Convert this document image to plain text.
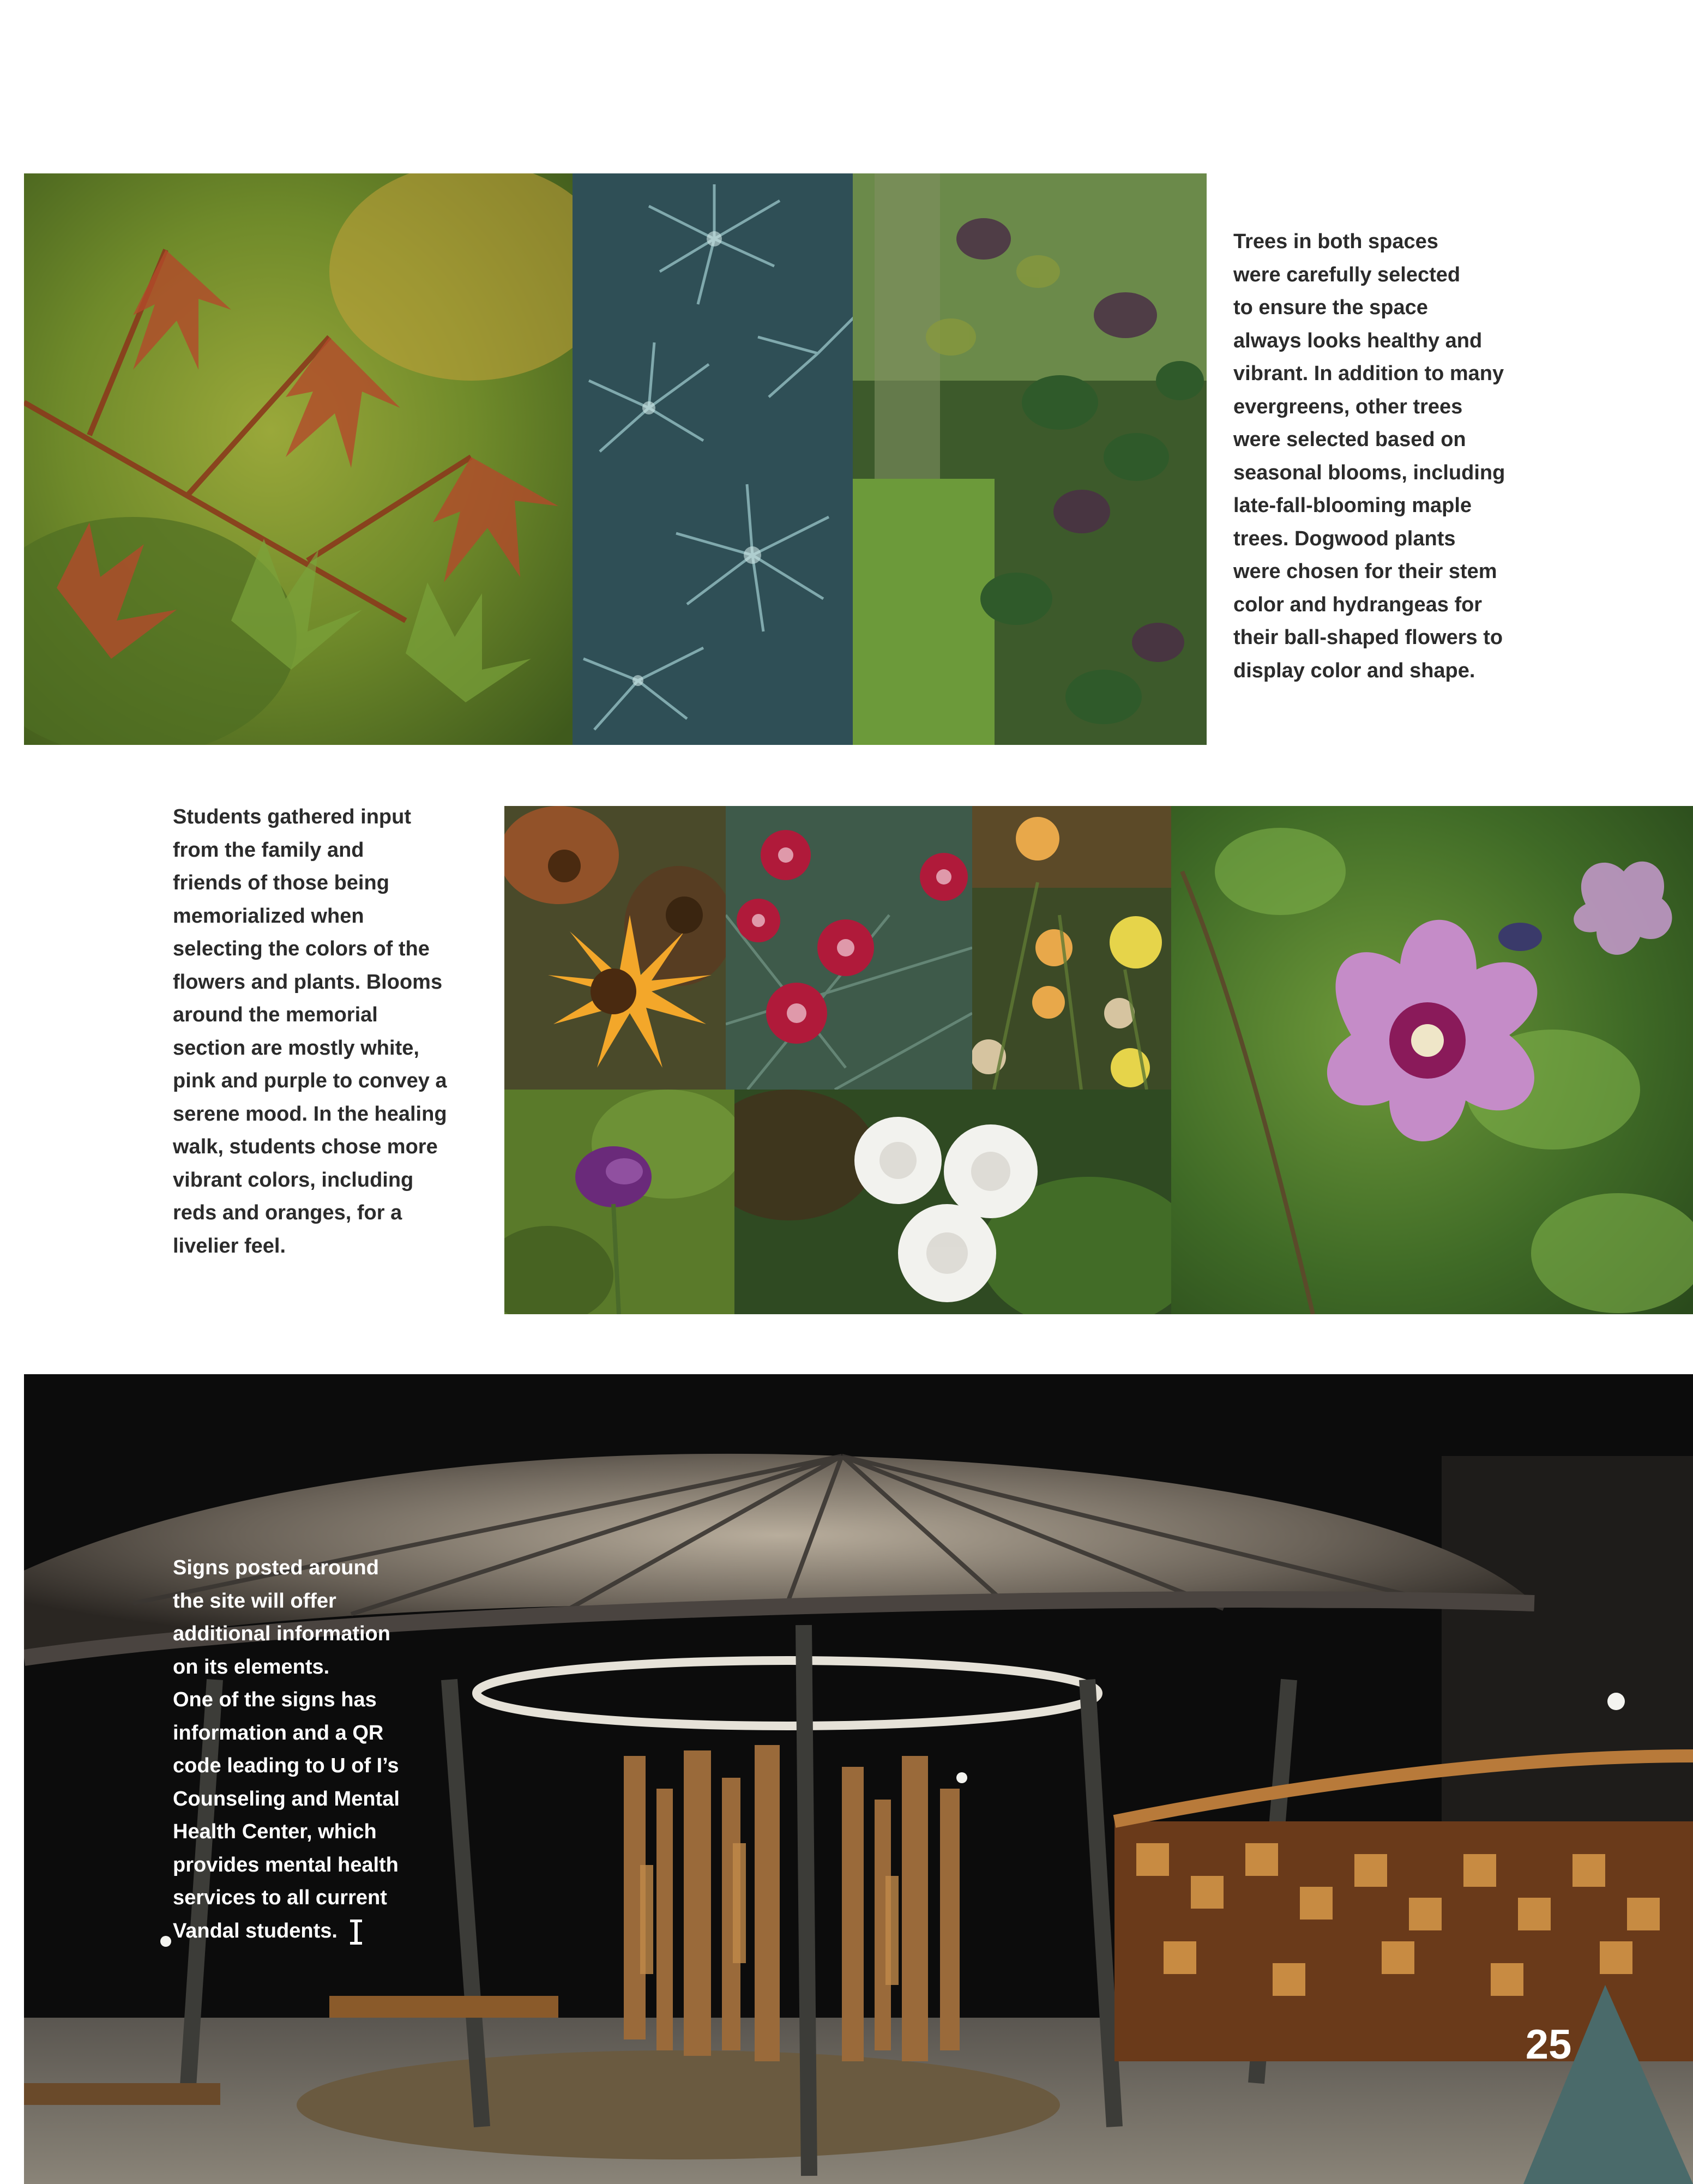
Trees in both spaces
were carefully selected
to ensure the space
always looks healthy and
vibrant. In addition to many
evergreens, other trees
were selected based on
seasonal blooms, including
late-fall-blooming maple
trees. Dogwood plants
were chosen for their stem
color and hydrangeas for
their ball-shaped flowers to
display color and shape.
Students gathered input
from the family and
friends of those being
memorialized when
selecting the colors of the
flowers and plants. Blooms
around the memorial
section are mostly white,
pink and purple to convey a
serene mood. In the healing
walk, students chose more
vibrant colors, including
reds and oranges, for a
livelier feel.
Signs posted around
the site will offer
additional information
on its elements.
One of the signs has
information and a QR
code leading to U of I’s
Counseling and Mental
Health Center, which
provides mental health
services to all current
Vandal students.
25
